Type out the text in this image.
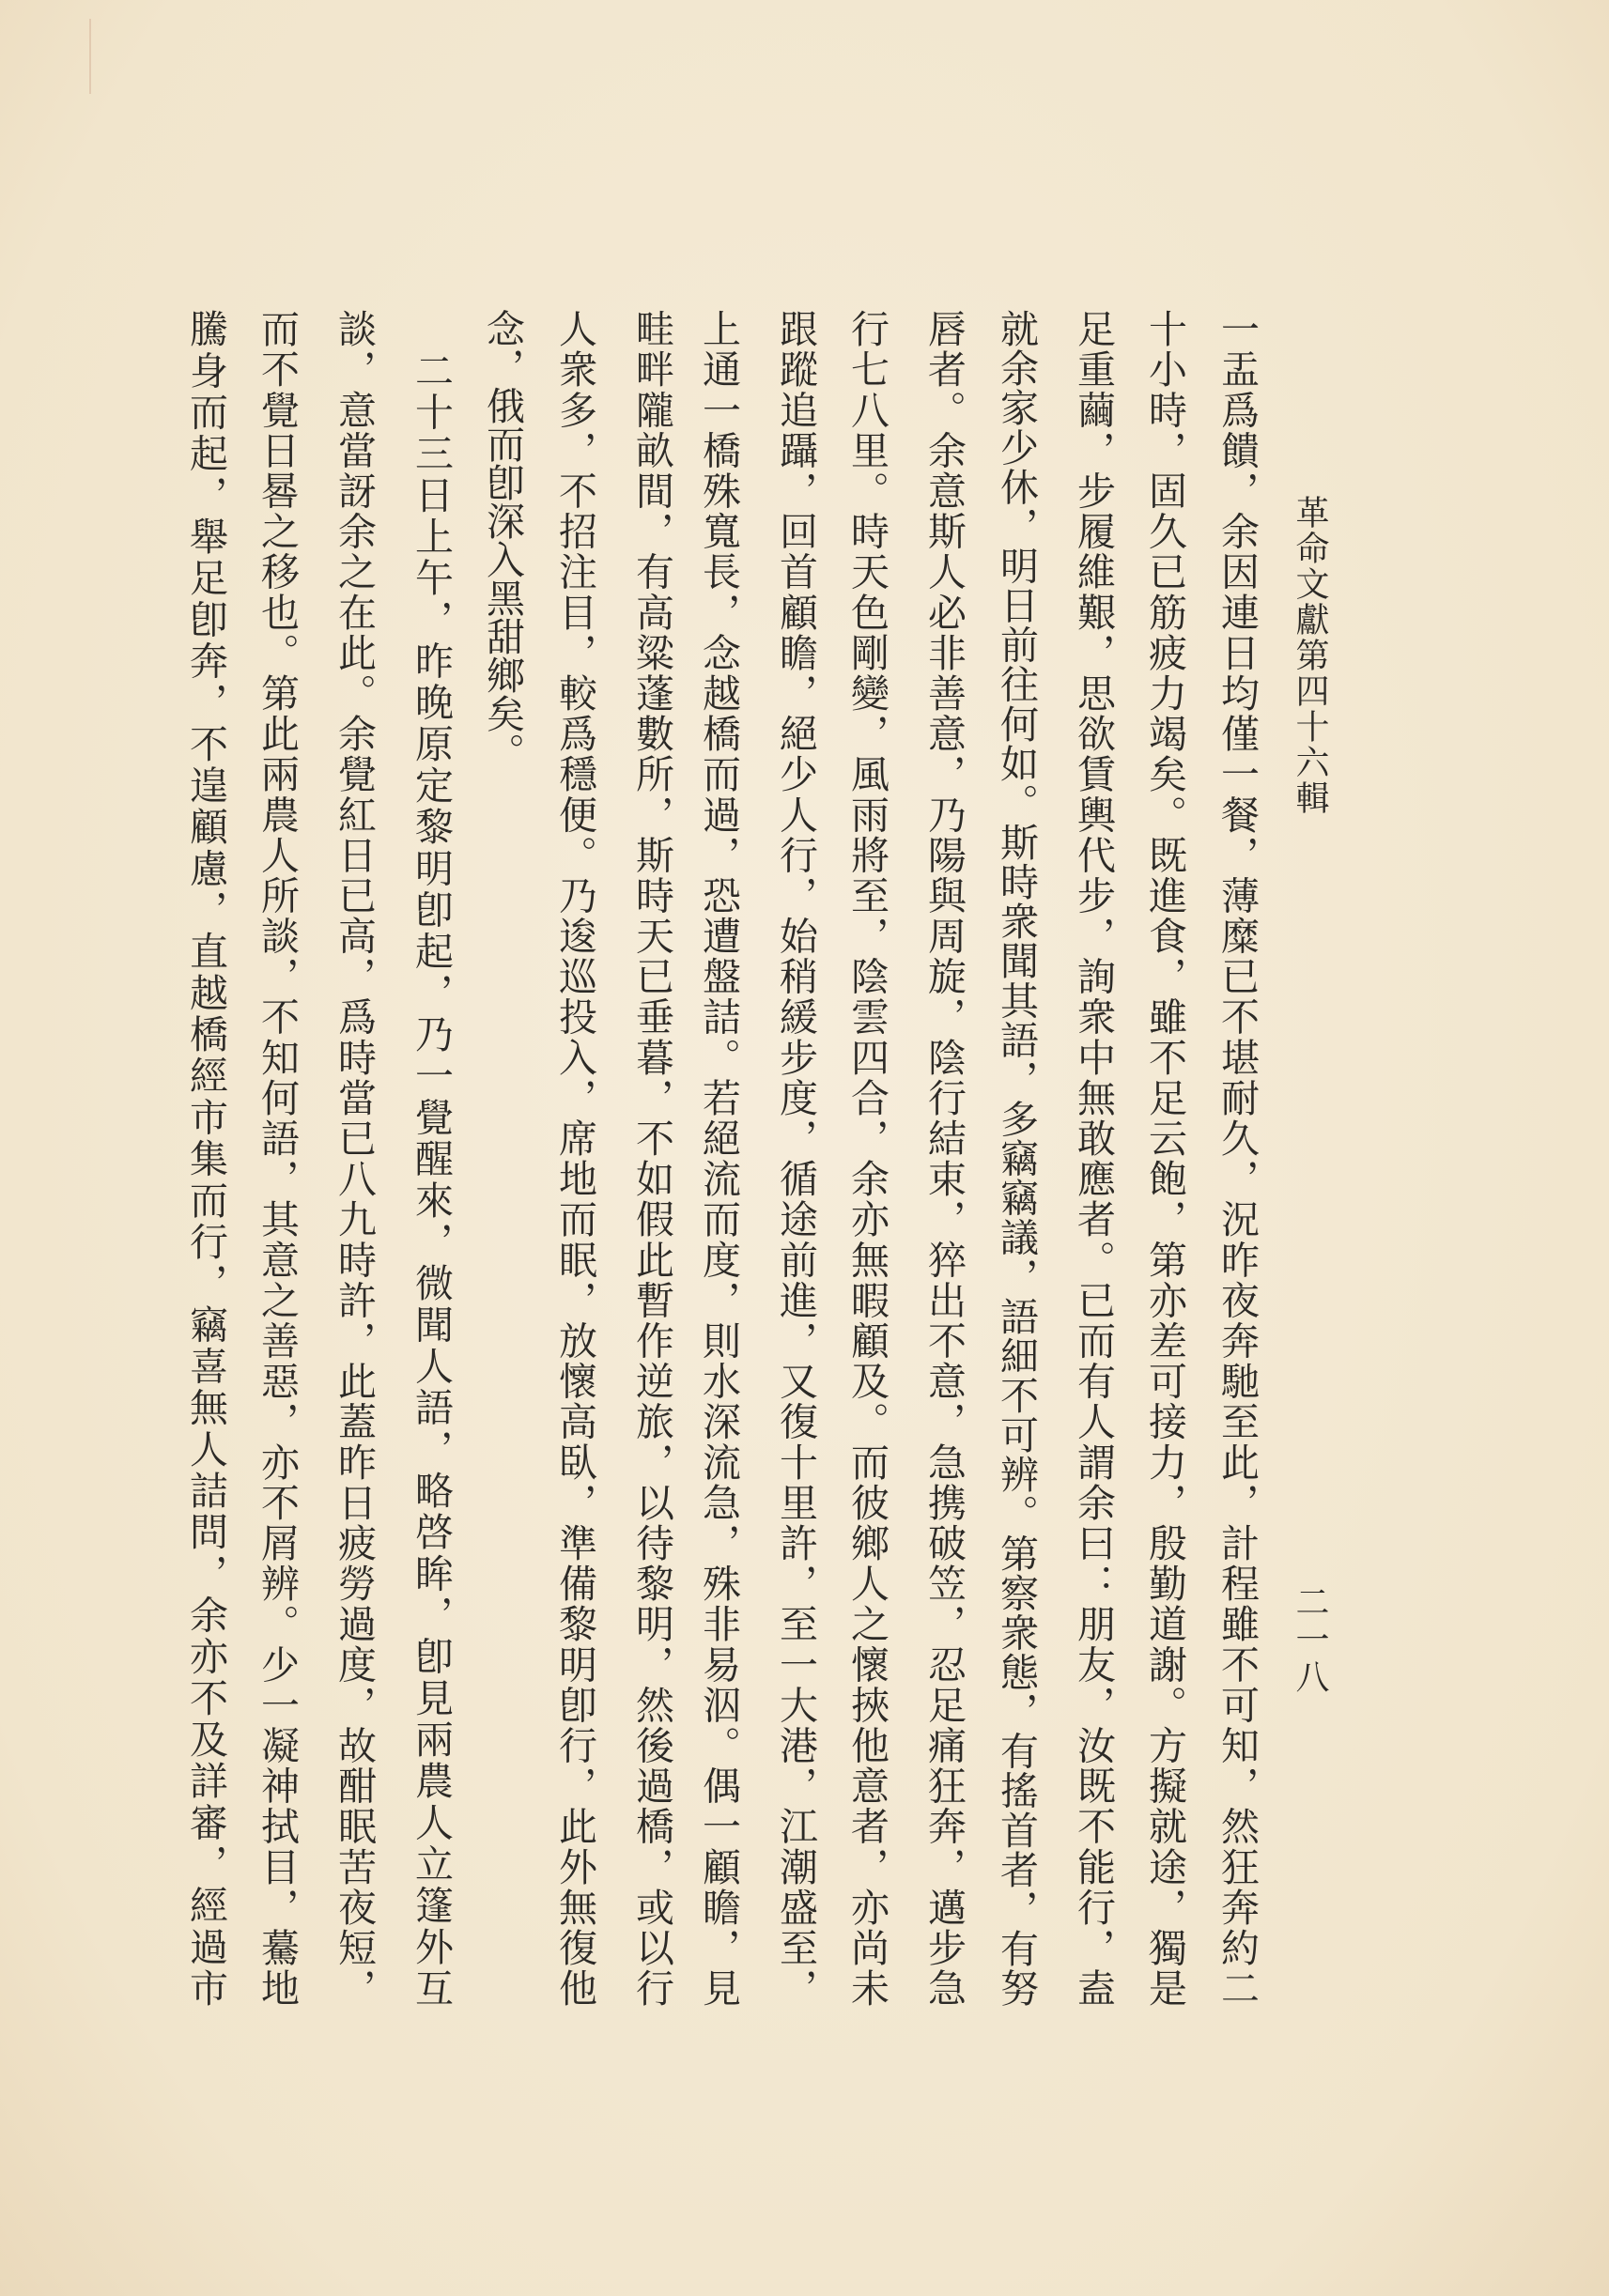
革命文獻第四十六輯
二一八
一盂爲饋，余因連日均僅一餐，薄糜已不堪耐久，況昨夜奔馳至此，計程雖不可知，然狂奔約二
十小時，固久已筋疲力竭矣。既進食，雖不足云飽，第亦差可接力，殷勤道謝。方擬就途，獨是
足重繭，步履維艱，思欲賃輿代步，詢衆中無敢應者。已而有人謂余曰：朋友，汝既不能行，盍
就余家少休，明日前往何如。斯時衆聞其語，多竊竊議，語細不可辨。第察衆態，有搖首者，有努
唇者。余意斯人必非善意，乃陽與周旋，陰行結束，猝出不意，急携破笠，忍足痛狂奔，邁步急
行七八里。時天色剛變，風雨將至，陰雲四合，余亦無暇顧及。而彼鄉人之懷挾他意者，亦尚未
跟蹤追躡，回首顧瞻，絕少人行，始稍緩步度，循途前進，又復十里許，至一大港，江潮盛至，
上通一橋殊寬長，念越橋而過，恐遭盤詰。若絕流而度，則水深流急，殊非易泅。偶一顧瞻，見
畦畔隴畝間，有高粱蓬數所，斯時天已垂暮，不如假此暫作逆旅，以待黎明，然後過橋，或以行
人衆多，不招注目，較爲穩便。乃逡巡投入，席地而眠，放懷高臥，準備黎明卽行，此外無復他
念，俄而卽深入黑甜鄉矣。
　二十三日上午，昨晚原定黎明卽起，乃一覺醒來，微聞人語，略啓眸，卽見兩農人立篷外互
談，意當訝余之在此。余覺紅日已高，爲時當已八九時許，此蓋昨日疲勞過度，故酣眠苦夜短，
而不覺日晷之移也。第此兩農人所談，不知何語，其意之善惡，亦不屑辨。少一凝神拭目，驀地
騰身而起，舉足卽奔，不遑顧慮，直越橋經市集而行，竊喜無人詰問，余亦不及詳審，經過市
